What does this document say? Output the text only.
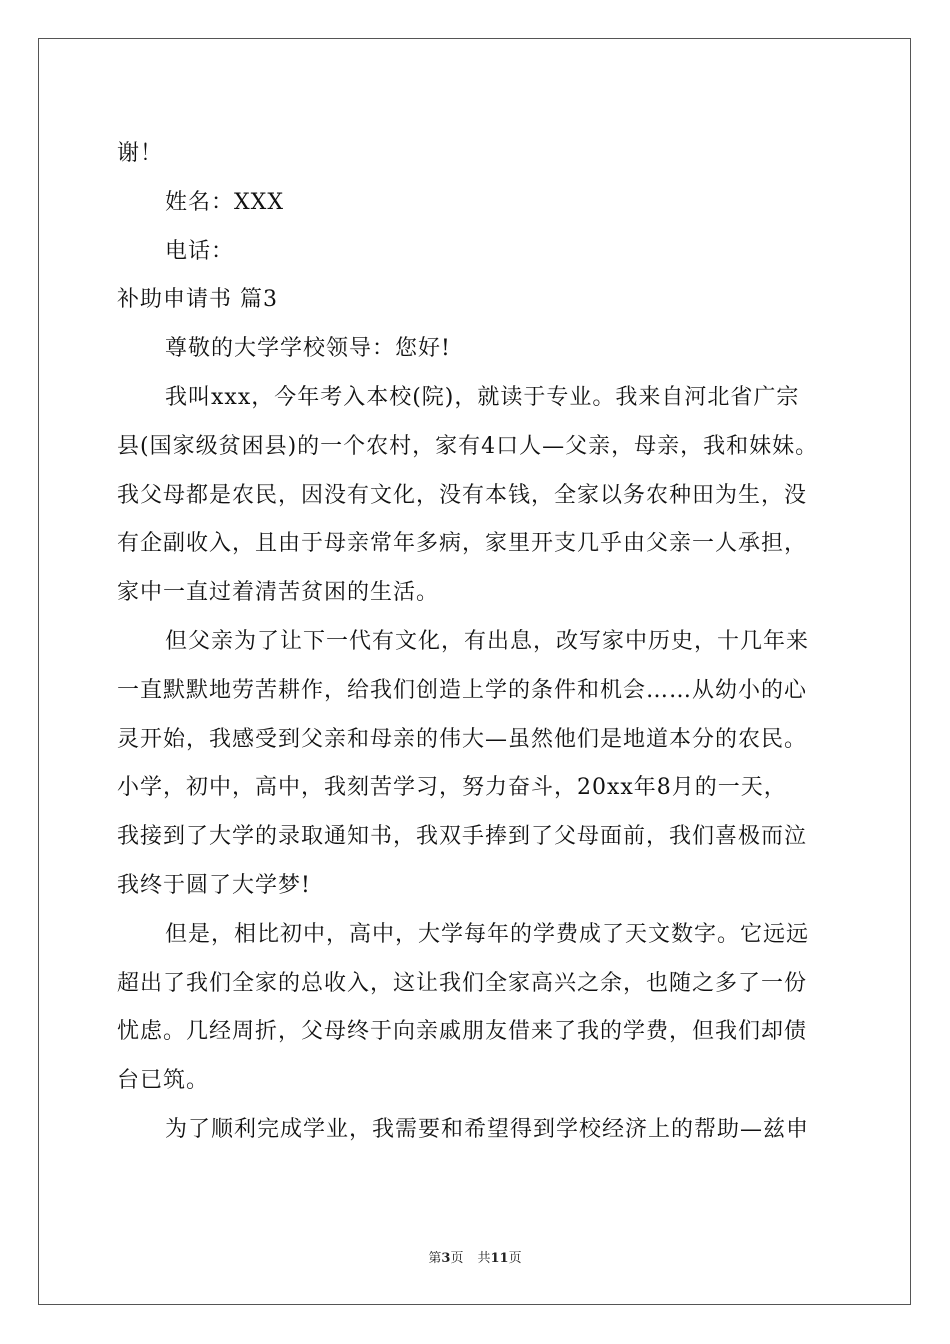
谢！
姓名：XXX
电话：
补助申请书 篇3
尊敬的大学学校领导：您好!
我叫xxx，今年考入本校(院)，就读于专业。我来自河北省广宗
县(国家级贫困县)的一个农村，家有4口人—父亲，母亲，我和妹妹。
我父母都是农民，因没有文化，没有本钱，全家以务农种田为生，没
有企副收入，且由于母亲常年多病，家里开支几乎由父亲一人承担，
家中一直过着清苦贫困的生活。
但父亲为了让下一代有文化，有出息，改写家中历史，十几年来
一直默默地劳苦耕作，给我们创造上学的条件和机会……从幼小的心
灵开始，我感受到父亲和母亲的伟大—虽然他们是地道本分的农民。
小学，初中，高中，我刻苦学习，努力奋斗，20xx年8月的一天，
我接到了大学的录取通知书，我双手捧到了父母面前，我们喜极而泣
我终于圆了大学梦!
但是，相比初中，高中，大学每年的学费成了天文数字。它远远
超出了我们全家的总收入，这让我们全家高兴之余，也随之多了一份
忧虑。几经周折，父母终于向亲戚朋友借来了我的学费，但我们却债
台已筑。
为了顺利完成学业，我需要和希望得到学校经济上的帮助—兹申
第3页 共11页
